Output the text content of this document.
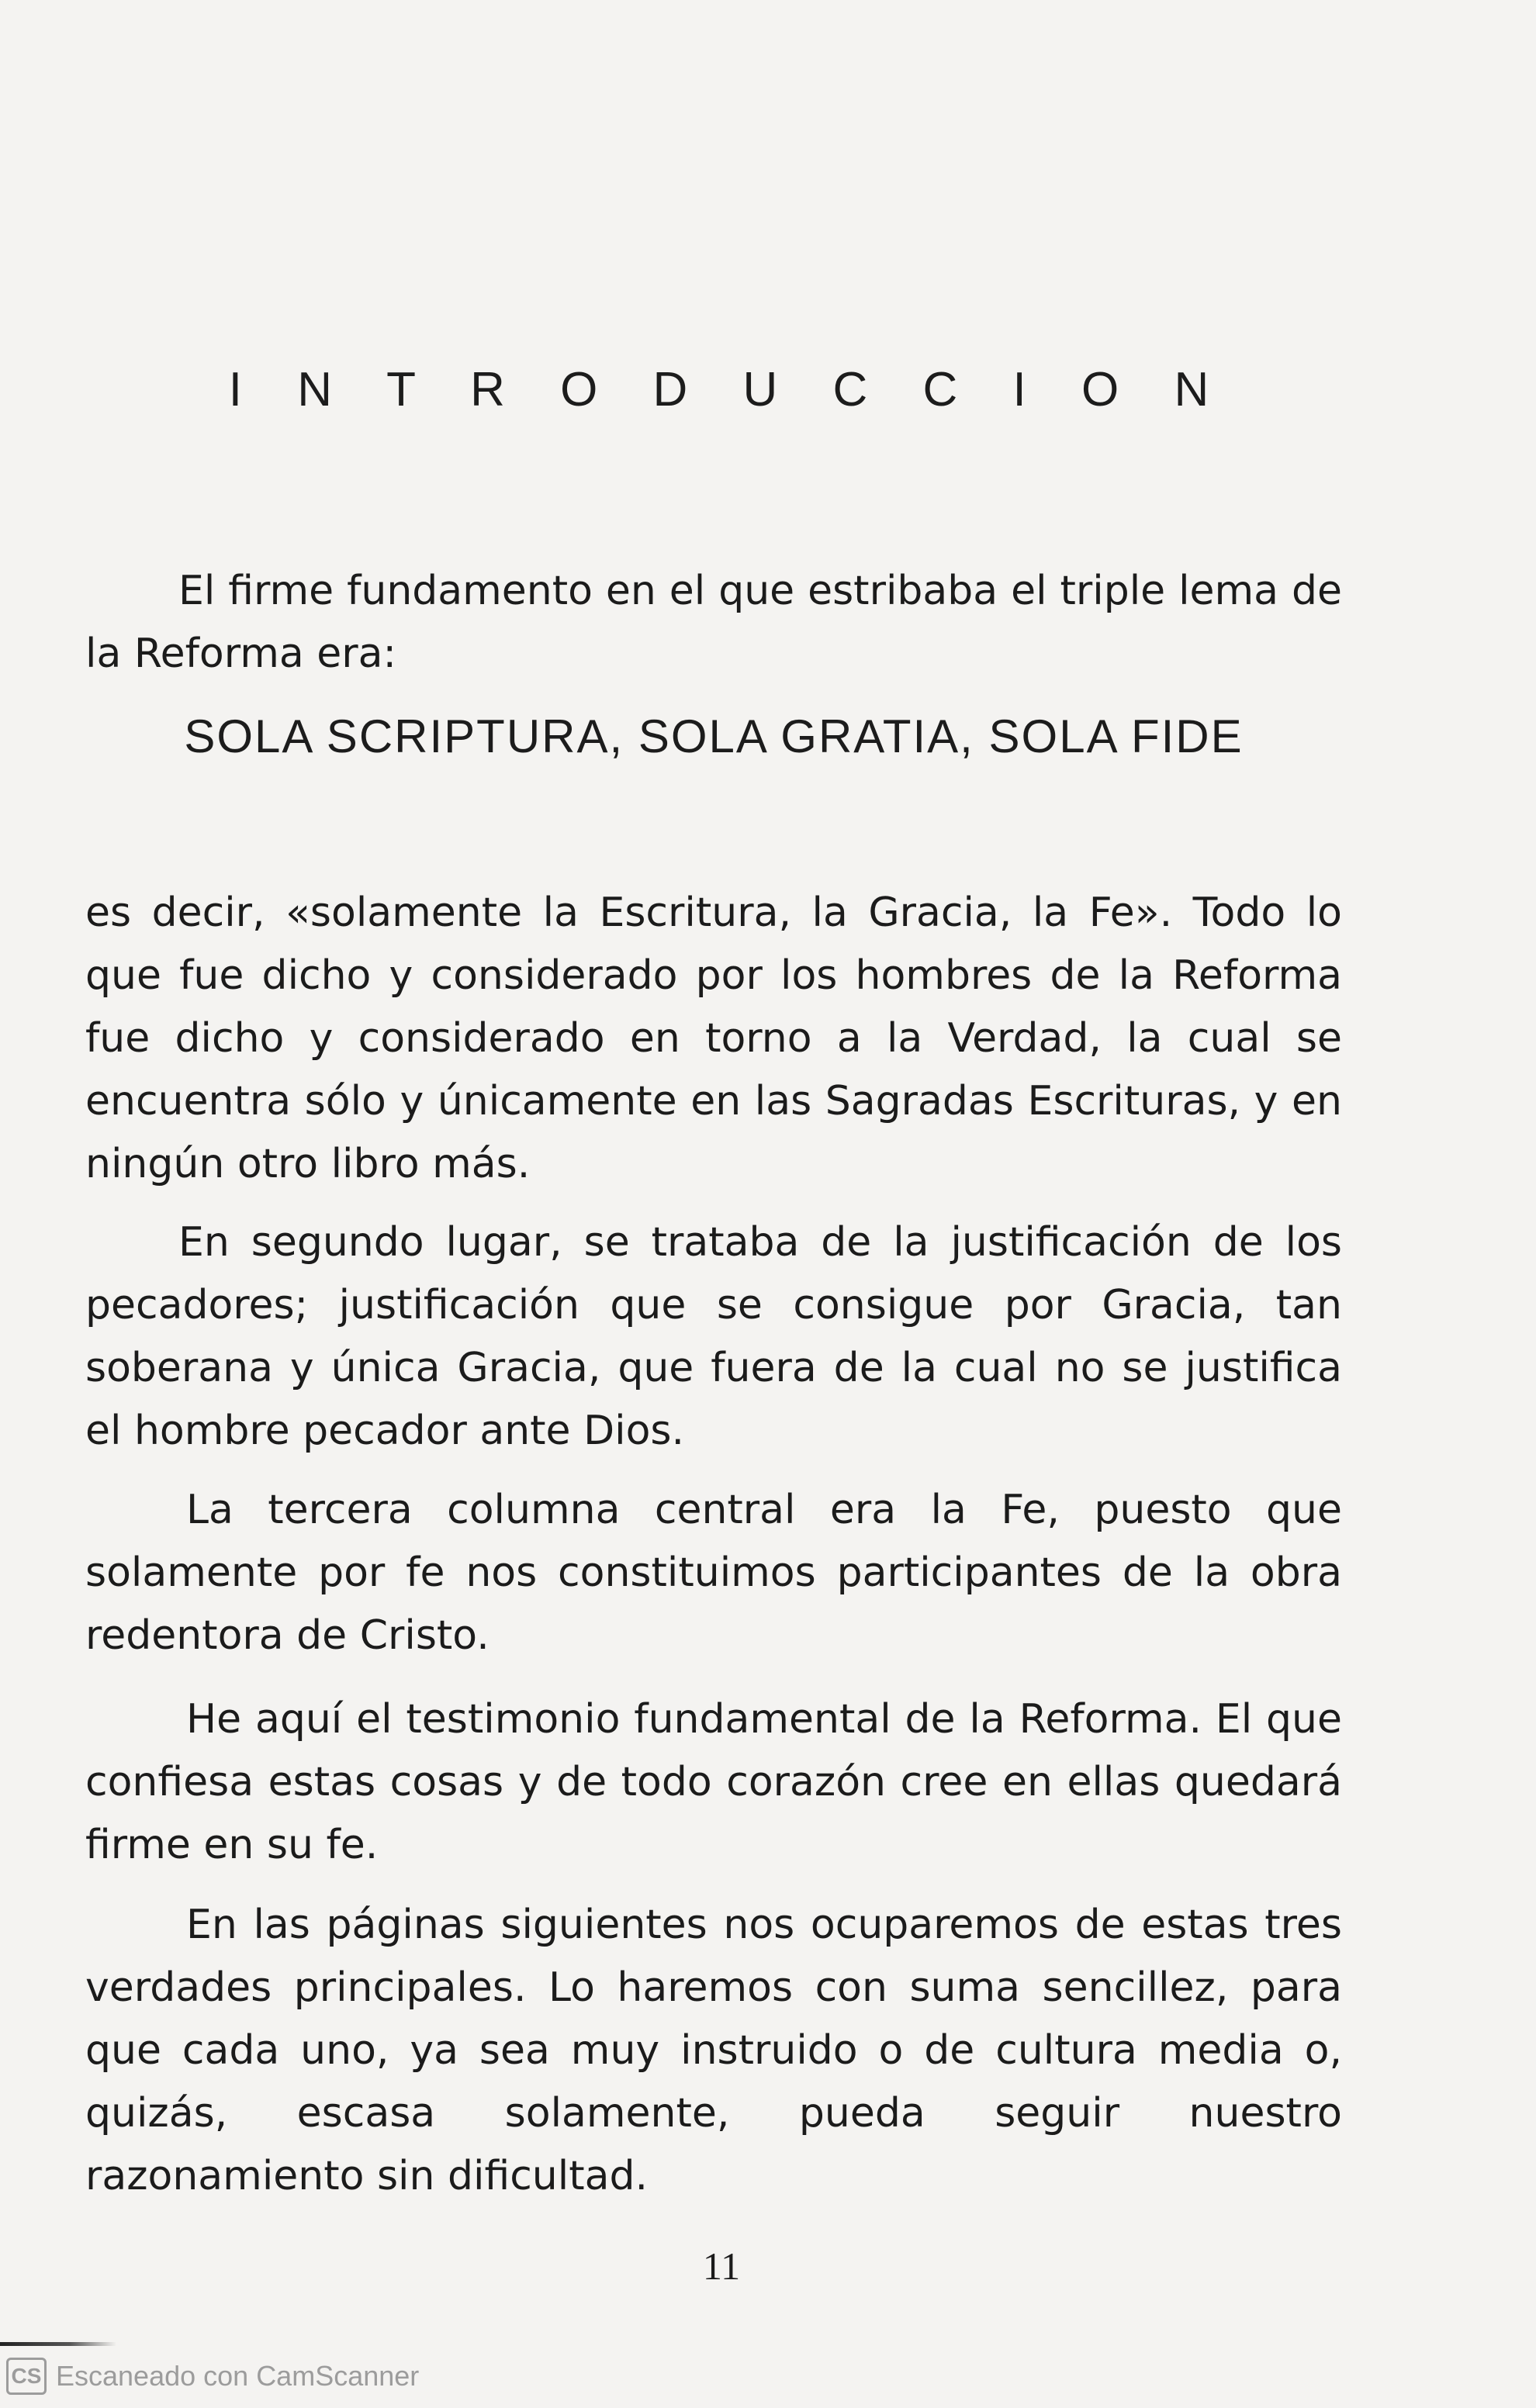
I N T R O D U C C I O N

El firme fundamento en el que estribaba el triple lema de la Reforma era:

SOLA SCRIPTURA, SOLA GRATIA, SOLA FIDE

es decir, «solamente la Escritura, la Gracia, la Fe». Todo lo que fue dicho y considerado por los hombres de la Reforma fue dicho y considerado en torno a la Verdad, la cual se encuentra sólo y únicamente en las Sagradas Escrituras, y en ningún otro libro más.

En segundo lugar, se trataba de la justificación de los pecadores; justificación que se consigue por Gracia, tan soberana y única Gracia, que fuera de la cual no se justifica el hombre pecador ante Dios.

La tercera columna central era la Fe, puesto que solamente por fe nos constituimos participantes de la obra redentora de Cristo.

He aquí el testimonio fundamental de la Reforma. El que confiesa estas cosas y de todo corazón cree en ellas quedará firme en su fe.

En las páginas siguientes nos ocuparemos de estas tres verdades principales. Lo haremos con suma sencillez, para que cada uno, ya sea muy instruido o de cultura media o, quizás, escasa solamente, pueda seguir nuestro razonamiento sin dificultad.

11
CS Escaneado con CamScanner
